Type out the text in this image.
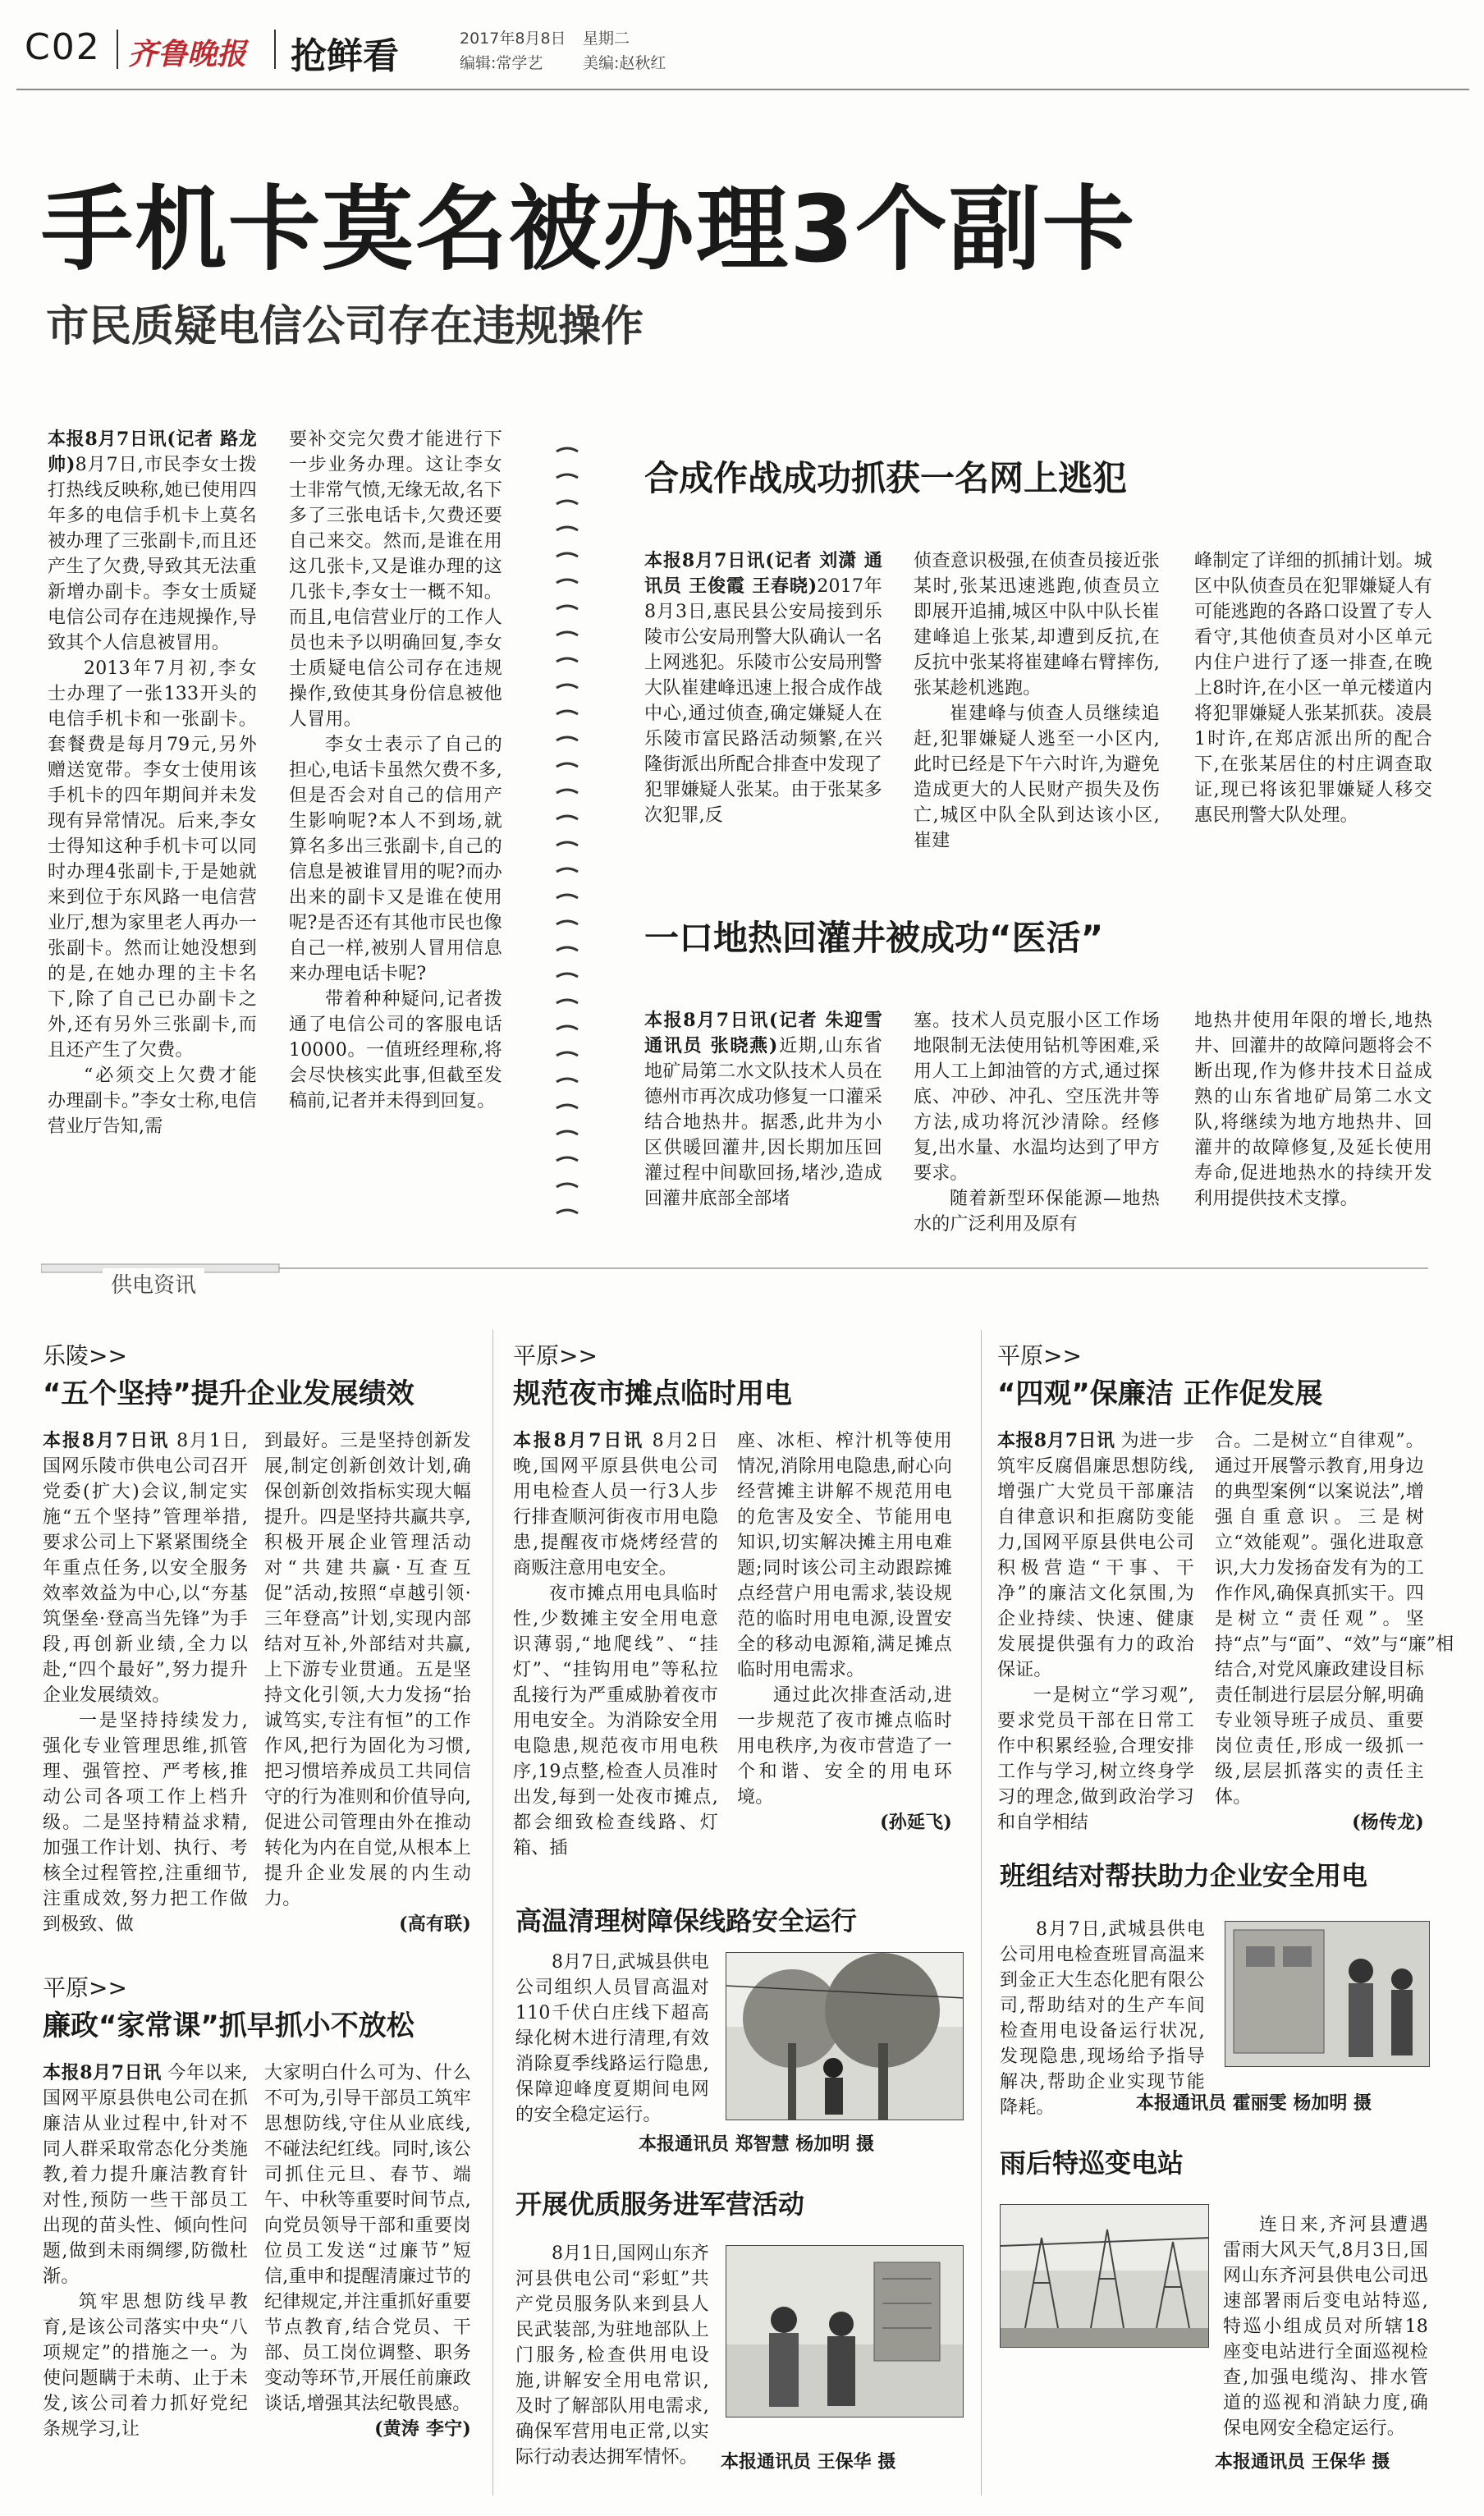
C02 齐鲁晚报 抢鲜看	2017年8月8日 星期二
编辑:常学艺	美编:赵秋红
手机卡莫名被办理3个副卡
市民质疑电信公司存在违规操作

本报8月7日讯(记者 路龙帅)8月7日,市民李女士拨打热线反映称,她已使用四年多的电信手机卡上莫名被办理了三张副卡,而且还产生了欠费,导致其无法重新增办副卡。李女士质疑电信公司存在违规操作,导致其个人信息被冒用。

2013年7月初,李女士办理了一张133开头的电信手机卡和一张副卡。套餐费是每月79元,另外赠送宽带。李女士使用该手机卡的四年期间并未发现有异常情况。后来,李女士得知这种手机卡可以同时办理4张副卡,于是她就来到位于东风路一电信营业厅,想为家里老人再办一张副卡。然而让她没想到的是,在她办理的主卡名下,除了自己已办副卡之外,还有另外三张副卡,而且还产生了欠费。

“必须交上欠费才能办理副卡。”李女士称,电信营业厅告知,需

要补交完欠费才能进行下一步业务办理。这让李女士非常气愤,无缘无故,名下多了三张电话卡,欠费还要自己来交。然而,是谁在用这几张卡,又是谁办理的这几张卡,李女士一概不知。而且,电信营业厅的工作人员也未予以明确回复,李女士质疑电信公司存在违规操作,致使其身份信息被他人冒用。

李女士表示了自己的担心,电话卡虽然欠费不多,但是否会对自己的信用产生影响呢?本人不到场,就算名多出三张副卡,自己的信息是被谁冒用的呢?而办出来的副卡又是谁在使用呢?是否还有其他市民也像自己一样,被别人冒用信息来办理电话卡呢?

带着种种疑问,记者拨通了电信公司的客服电话10000。一值班经理称,将会尽快核实此事,但截至发稿前,记者并未得到回复。

合成作战成功抓获一名网上逃犯

本报8月7日讯(记者 刘潇 通讯员 王俊霞 王春晓)2017年8月3日,惠民县公安局接到乐陵市公安局刑警大队确认一名上网逃犯。乐陵市公安局刑警大队崔建峰迅速上报合成作战中心,通过侦查,确定嫌疑人在乐陵市富民路活动频繁,在兴隆街派出所配合排查中发现了犯罪嫌疑人张某。由于张某多次犯罪,反

侦查意识极强,在侦查员接近张某时,张某迅速逃跑,侦查员立即展开追捕,城区中队中队长崔建峰追上张某,却遭到反抗,在反抗中张某将崔建峰右臂摔伤,张某趁机逃跑。

崔建峰与侦查人员继续追赶,犯罪嫌疑人逃至一小区内,此时已经是下午六时许,为避免造成更大的人民财产损失及伤亡,城区中队全队到达该小区,崔建

峰制定了详细的抓捕计划。城区中队侦查员在犯罪嫌疑人有可能逃跑的各路口设置了专人看守,其他侦查员对小区单元内住户进行了逐一排查,在晚上8时许,在小区一单元楼道内将犯罪嫌疑人张某抓获。凌晨1时许,在郑店派出所的配合下,在张某居住的村庄调查取证,现已将该犯罪嫌疑人移交惠民刑警大队处理。

一口地热回灌井被成功“医活”

本报8月7日讯(记者 朱迎雪 通讯员 张晓燕)近期,山东省地矿局第二水文队技术人员在德州市再次成功修复一口灌采结合地热井。据悉,此井为小区供暖回灌井,因长期加压回灌过程中间歇回扬,堵沙,造成回灌井底部全部堵

塞。技术人员克服小区工作场地限制无法使用钻机等困难,采用人工上卸油管的方式,通过探底、冲砂、冲孔、空压洗井等方法,成功将沉沙清除。经修复,出水量、水温均达到了甲方要求。

随着新型环保能源—地热水的广泛利用及原有

地热井使用年限的增长,地热井、回灌井的故障问题将会不断出现,作为修井技术日益成熟的山东省地矿局第二水文队,将继续为地方地热井、回灌井的故障修复,及延长使用寿命,促进地热水的持续开发利用提供技术支撑。

供电资讯
乐陵>>
“五个坚持”提升企业发展绩效

本报8月7日讯 8月1日,国网乐陵市供电公司召开党委(扩大)会议,制定实施“五个坚持”管理举措,要求公司上下紧紧围绕全年重点任务,以安全服务效率效益为中心,以“夯基筑堡垒·登高当先锋”为手段,再创新业绩,全力以赴,“四个最好”,努力提升企业发展绩效。

一是坚持持续发力,强化专业管理思维,抓管理、强管控、严考核,推动公司各项工作上档升级。二是坚持精益求精,加强工作计划、执行、考核全过程管控,注重细节,注重成效,努力把工作做到极致、做

到最好。三是坚持创新发展,制定创新创效计划,确保创新创效指标实现大幅提升。四是坚持共赢共享,积极开展企业管理活动对“共建共赢·互查互促”活动,按照“卓越引领·三年登高”计划,实现内部结对互补,外部结对共赢,上下游专业贯通。五是坚持文化引领,大力发扬“抬诚笃实,专注有恒”的工作作风,把行为固化为习惯,把习惯培养成员工共同信守的行为准则和价值导向,促进公司管理由外在推动转化为内在自觉,从根本上提升企业发展的内生动力。

(高有联)

平原>>
廉政“家常课”抓早抓小不放松

本报8月7日讯 今年以来,国网平原县供电公司在抓廉洁从业过程中,针对不同人群采取常态化分类施教,着力提升廉洁教育针对性,预防一些干部员工出现的苗头性、倾向性问题,做到未雨绸缪,防微杜渐。

筑牢思想防线早教育,是该公司落实中央“八项规定”的措施之一。为使问题瞒于未萌、止于未发,该公司着力抓好党纪条规学习,让

大家明白什么可为、什么不可为,引导干部员工筑牢思想防线,守住从业底线,不碰法纪红线。同时,该公司抓住元旦、春节、端午、中秋等重要时间节点,向党员领导干部和重要岗位员工发送“过廉节”短信,重申和提醒清廉过节的纪律规定,并注重抓好重要节点教育,结合党员、干部、员工岗位调整、职务变动等环节,开展任前廉政谈话,增强其法纪敬畏感。

(黄涛 李宁)

平原>>
规范夜市摊点临时用电

本报8月7日讯 8月2日晚,国网平原县供电公司用电检查人员一行3人步行排查顺河街夜市用电隐患,提醒夜市烧烤经营的商贩注意用电安全。

夜市摊点用电具临时性,少数摊主安全用电意识薄弱,“地爬线”、“挂灯”、“挂钩用电”等私拉乱接行为严重威胁着夜市用电安全。为消除安全用电隐患,规范夜市用电秩序,19点整,检查人员准时出发,每到一处夜市摊点,都会细致检查线路、灯箱、插

座、冰柜、榨汁机等使用情况,消除用电隐患,耐心向经营摊主讲解不规范用电的危害及安全、节能用电知识,切实解决摊主用电难题;同时该公司主动跟踪摊点经营户用电需求,装设规范的临时用电电源,设置安全的移动电源箱,满足摊点临时用电需求。

通过此次排查活动,进一步规范了夜市摊点临时用电秩序,为夜市营造了一个和谐、安全的用电环境。

(孙延飞)

高温清理树障保线路安全运行

8月7日,武城县供电公司组织人员冒高温对110千伏白庄线下超高绿化树木进行清理,有效消除夏季线路运行隐患,保障迎峰度夏期间电网的安全稳定运行。

本报通讯员 郑智慧 杨加明 摄
开展优质服务进军营活动

8月1日,国网山东齐河县供电公司“彩虹”共产党员服务队来到县人民武装部,为驻地部队上门服务,检查供用电设施,讲解安全用电常识,及时了解部队用电需求,确保军营用电正常,以实际行动表达拥军情怀。	本报通讯员 王保华 摄
平原>>
“四观”保廉洁 正作促发展

本报8月7日讯 为进一步筑牢反腐倡廉思想防线,增强广大党员干部廉洁自律意识和拒腐防变能力,国网平原县供电公司积极营造“干事、干净”的廉洁文化氛围,为企业持续、快速、健康发展提供强有力的政治保证。

一是树立“学习观”,要求党员干部在日常工作中积累经验,合理安排工作与学习,树立终身学习的理念,做到政治学习和自学相结

合。二是树立“自律观”。通过开展警示教育,用身边的典型案例“以案说法”,增强自重意识。三是树立“效能观”。强化进取意识,大力发扬奋发有为的工作作风,确保真抓实干。四是树立“责任观”。坚持“点”与“面”、“效”与“廉”相结合,对党风廉政建设目标责任制进行层层分解,明确专业领导班子成员、重要岗位责任,形成一级抓一级,层层抓落实的责任主体。

(杨传龙)

班组结对帮扶助力企业安全用电

8月7日,武城县供电公司用电检查班冒高温来到金正大生态化肥有限公司,帮助结对的生产车间检查用电设备运行状况,发现隐患,现场给予指导解决,帮助企业实现节能降耗。	本报通讯员 霍丽雯 杨加明 摄
雨后特巡变电站

连日来,齐河县遭遇雷雨大风天气,8月3日,国网山东齐河县供电公司迅速部署雨后变电站特巡,特巡小组成员对所辖18座变电站进行全面巡视检查,加强电缆沟、排水管道的巡视和消缺力度,确保电网安全稳定运行。

本报通讯员 王保华 摄
